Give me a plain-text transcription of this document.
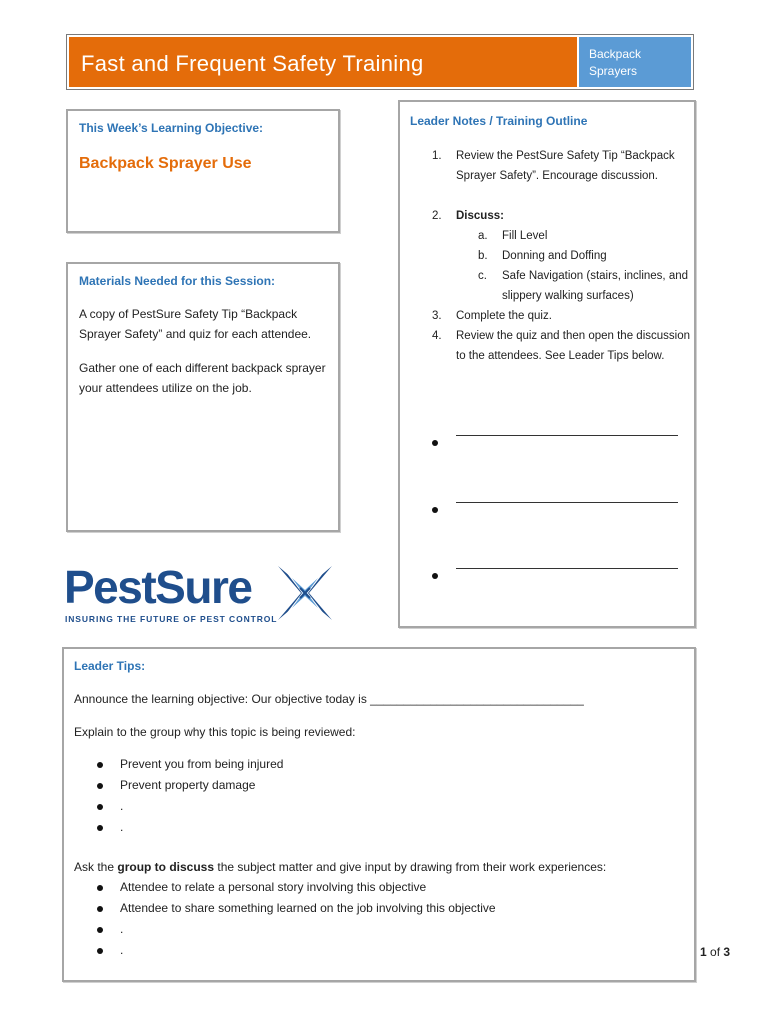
Fast and Frequent Safety Training	Backpack
Sprayers
This Week’s Learning Objective:
Backpack Sprayer Use
Materials Needed for this Session:
A copy of PestSure Safety Tip “Backpack Sprayer Safety” and quiz for each attendee.
Gather one of each different backpack sprayer your attendees utilize on the job.
Leader Notes / Training Outline
1.	Review the PestSure Safety Tip “Backpack Sprayer Safety”. Encourage discussion.
2.	Discuss:
a.	Fill Level
b.	Donning and Doffing
c.	Safe Navigation (stairs, inclines, and slippery walking surfaces)
3.	Complete the quiz.
4.	Review the quiz and then open the discussion to the attendees. See Leader Tips below.
PestSure
INSURING THE FUTURE OF PEST CONTROL
Leader Tips:
Announce the learning objective: Our objective today is ________________________________
Explain to the group why this topic is being reviewed:
Prevent you from being injured
Prevent property damage
.
.
Ask the group to discuss the subject matter and give input by drawing from their work experiences:
Attendee to relate a personal story involving this objective
Attendee to share something learned on the job involving this objective
.
.	1 of 3
